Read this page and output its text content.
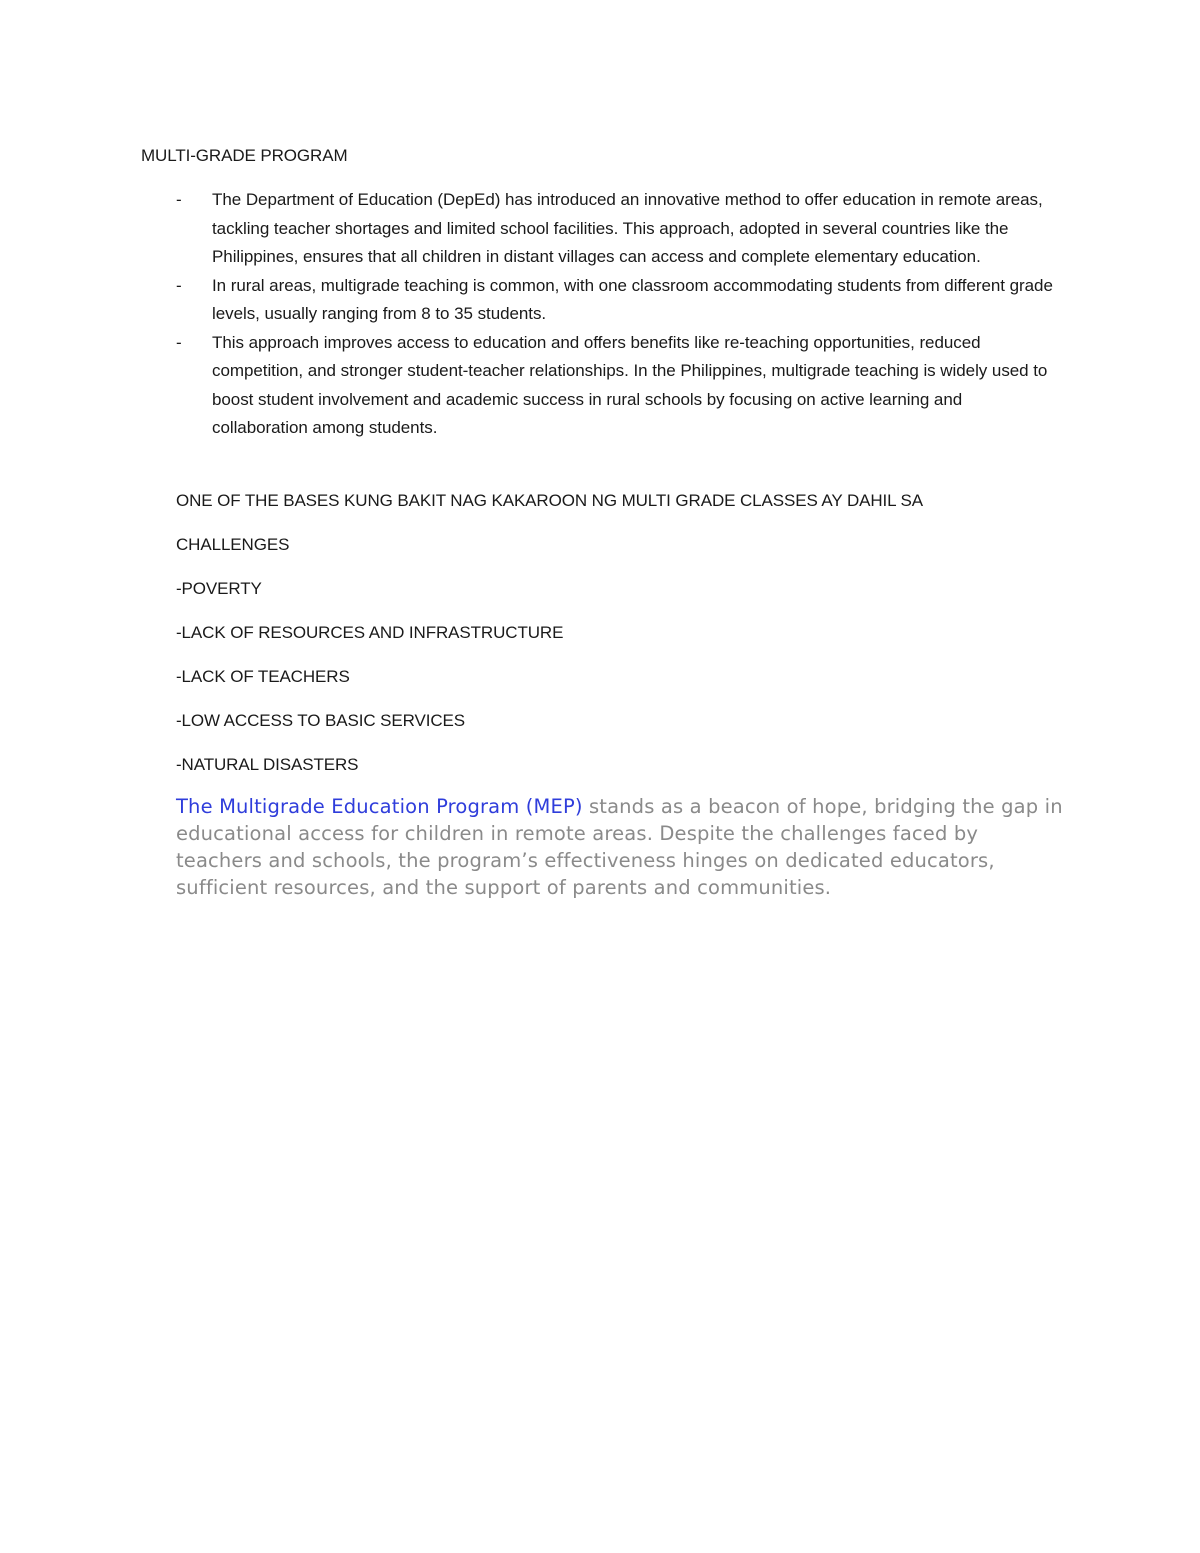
MULTI-GRADE PROGRAM
- The Department of Education (DepEd) has introduced an innovative method to offer education in remote areas, tackling teacher shortages and limited school facilities. This approach, adopted in several countries like the Philippines, ensures that all children in distant villages can access and complete elementary education.
- In rural areas, multigrade teaching is common, with one classroom accommodating students from different grade levels, usually ranging from 8 to 35 students.
- This approach improves access to education and offers benefits like re-teaching opportunities, reduced competition, and stronger student-teacher relationships. In the Philippines, multigrade teaching is widely used to boost student involvement and academic success in rural schools by focusing on active learning and collaboration among students.
ONE OF THE BASES KUNG BAKIT NAG KAKAROON NG MULTI GRADE CLASSES AY DAHIL SA
CHALLENGES
-POVERTY
-LACK OF RESOURCES AND INFRASTRUCTURE
-LACK OF TEACHERS
-LOW ACCESS TO BASIC SERVICES
-NATURAL DISASTERS

The Multigrade Education Program (MEP) stands as a beacon of hope, bridging the gap in educational access for children in remote areas. Despite the challenges faced by teachers and schools, the program’s effectiveness hinges on dedicated educators, sufficient resources, and the support of parents and communities.
